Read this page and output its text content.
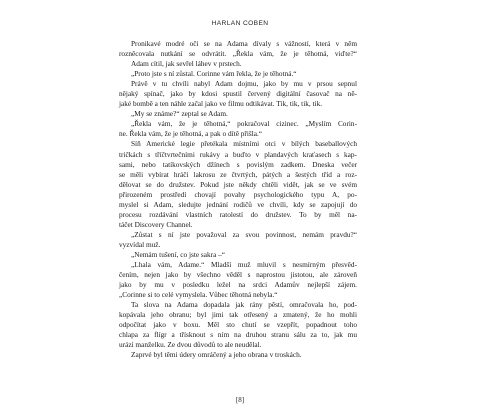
HARLAN COBEN
Pronikavé modré oči se na Adama dívaly s vážností, která v něm
rozněcovala nutkání se odvrátit. „Řekla vám, že je těhotná, viďte?“
Adam cítil, jak sevřel láhev v prstech.
„Proto jste s ní zůstal. Corinne vám řekla, že je těhotná.“
Právě v tu chvíli nabyl Adam dojmu, jako by mu v prsou sepnul
nějaký spínač, jako by kdosi spustil červený digitální časovač na ně-
jaké bombě a ten náhle začal jako ve filmu odtikávat. Tik, tik, tik, tik.
„My se známe?“ zeptal se Adam.
„Řekla vám, že je těhotná,“ pokračoval cizinec. „Myslím Corin-
ne. Řekla vám, že je těhotná, a pak o dítě přišla.“
Síň Americké legie přetékala místními otci v bílých baseballových
tričkách s tříčtvrtečními rukávy a buďto v plandavých kraťasech s kap-
sami, nebo tatíkovských džínech s povislým zadkem. Dneska večer
se měli vybírat hráči lakrosu ze čtvrtých, pátých a šestých tříd a roz-
dělovat se do družstev. Pokud jste někdy chtěli vidět, jak se ve svém
přirozeném prostředí chovají povahy psychologického typu A, po-
myslel si Adam, sledujte jednání rodičů ve chvíli, kdy se zapojují do
procesu rozdávání vlastních ratolestí do družstev. To by měl na-
táčet Discovery Channel.
„Zůstat s ní jste považoval za svou povinnost, nemám pravdu?“
vyzvídal muž.
„Nemám tušení, co jste sakra –“
„Lhala vám, Adame.“ Mladší muž mluvil s nesmírným přesvěd-
čením, nejen jako by všechno věděl s naprostou jistotou, ale zároveň
jako by mu v posledku ležel na srdci Adamův nejlepší zájem.
„Corinne si to celé vymyslela. Vůbec těhotná nebyla.“
Ta slova na Adama dopadala jak rány pěstí, omračovala ho, pod-
kopávala jeho obranu; byl jimi tak otřesený a zmatený, že ho mohli
odpočítat jako v boxu. Měl sto chutí se vzepřít, popadnout toho
chlapa za flígr a třísknout s ním na druhou stranu sálu za to, jak mu
urází manželku. Ze dvou důvodů to ale neudělal.
Zaprvé byl těmi údery omráčený a jeho obrana v troskách.
[8]
